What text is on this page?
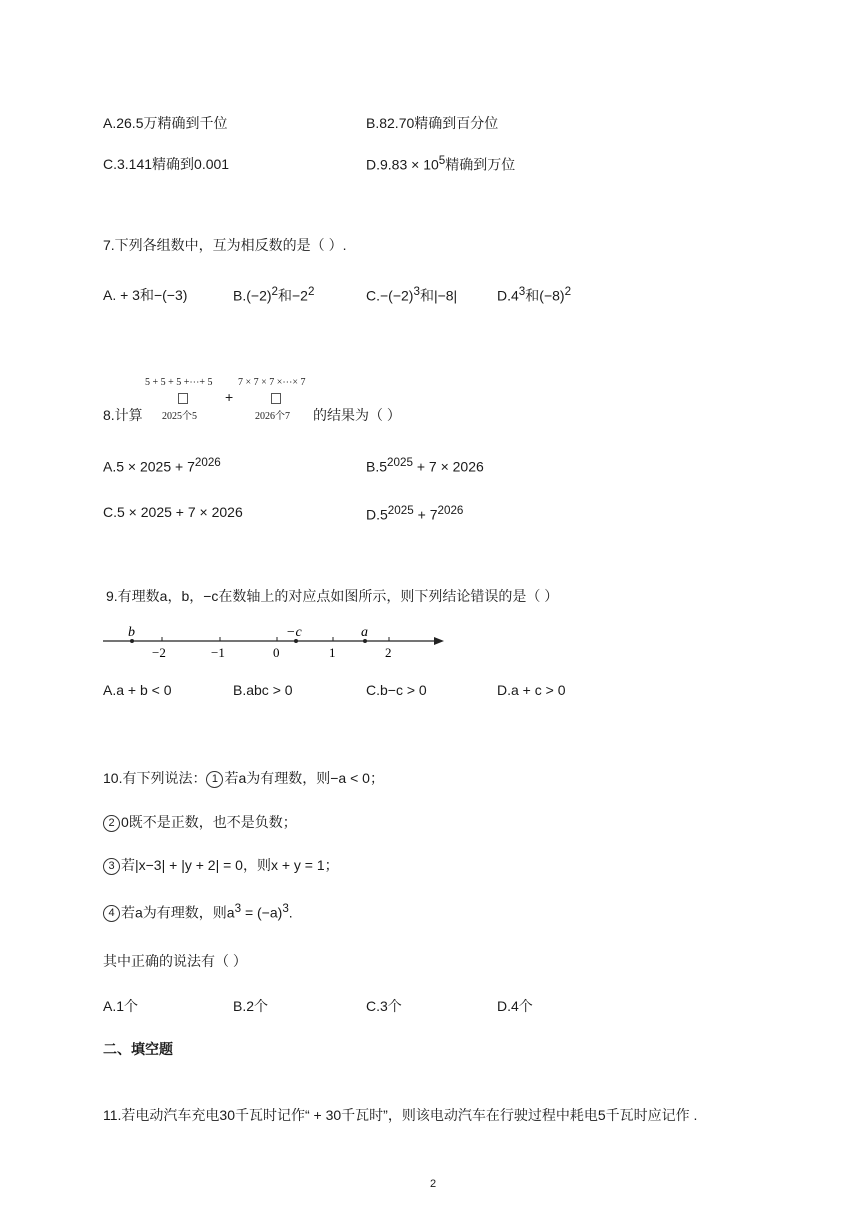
A.26.5万精确到千位	B.82.70精确到百分位
C.3.141精确到0.001	$D.9.83 \times 10^5$精确到万位
7.下列各组数中，互为相反数的是（ ）.
A. + 3和−(−3)	$B.(-2)^2$和$-2^2$	$C.-(-2)^3$和|−8|	$D.4^3$和$(-8)^2$
5 + 5 + 5 +⋯+ 5
2025个5
+
7 × 7 × 7 ×⋯× 7
2026个7
8.计算	的结果为（ ）
$A.5 \times 2025 + 7^{2026}$	$B.5^{2025} + 7 \times 2026$
C.5 × 2025 + 7 × 2026	$D.5^{2025} + 7^{2026}$
9.有理数a，b，−c在数轴上的对应点如图所示，则下列结论错误的是（ ）
b	−c	a
−2	−1	0	1	2
A.a + b < 0	B.abc > 0	C.b−c > 0	D.a + c > 0
10.有下列说法： 1 若a为有理数，则−a < 0；
2 0既不是正数，也不是负数；
3 若|x−3| + |y + 2| = 0，则x + y = 1；
4 若a为有理数，则$a^3 = (-a)^3$.
其中正确的说法有（ ）
A.1个	B.2个	C.3个	D.4个
二、填空题
11.若电动汽车充电30千瓦时记作“ + 30千瓦时”，则该电动汽车在行驶过程中耗电5千瓦时应记作 .
2
